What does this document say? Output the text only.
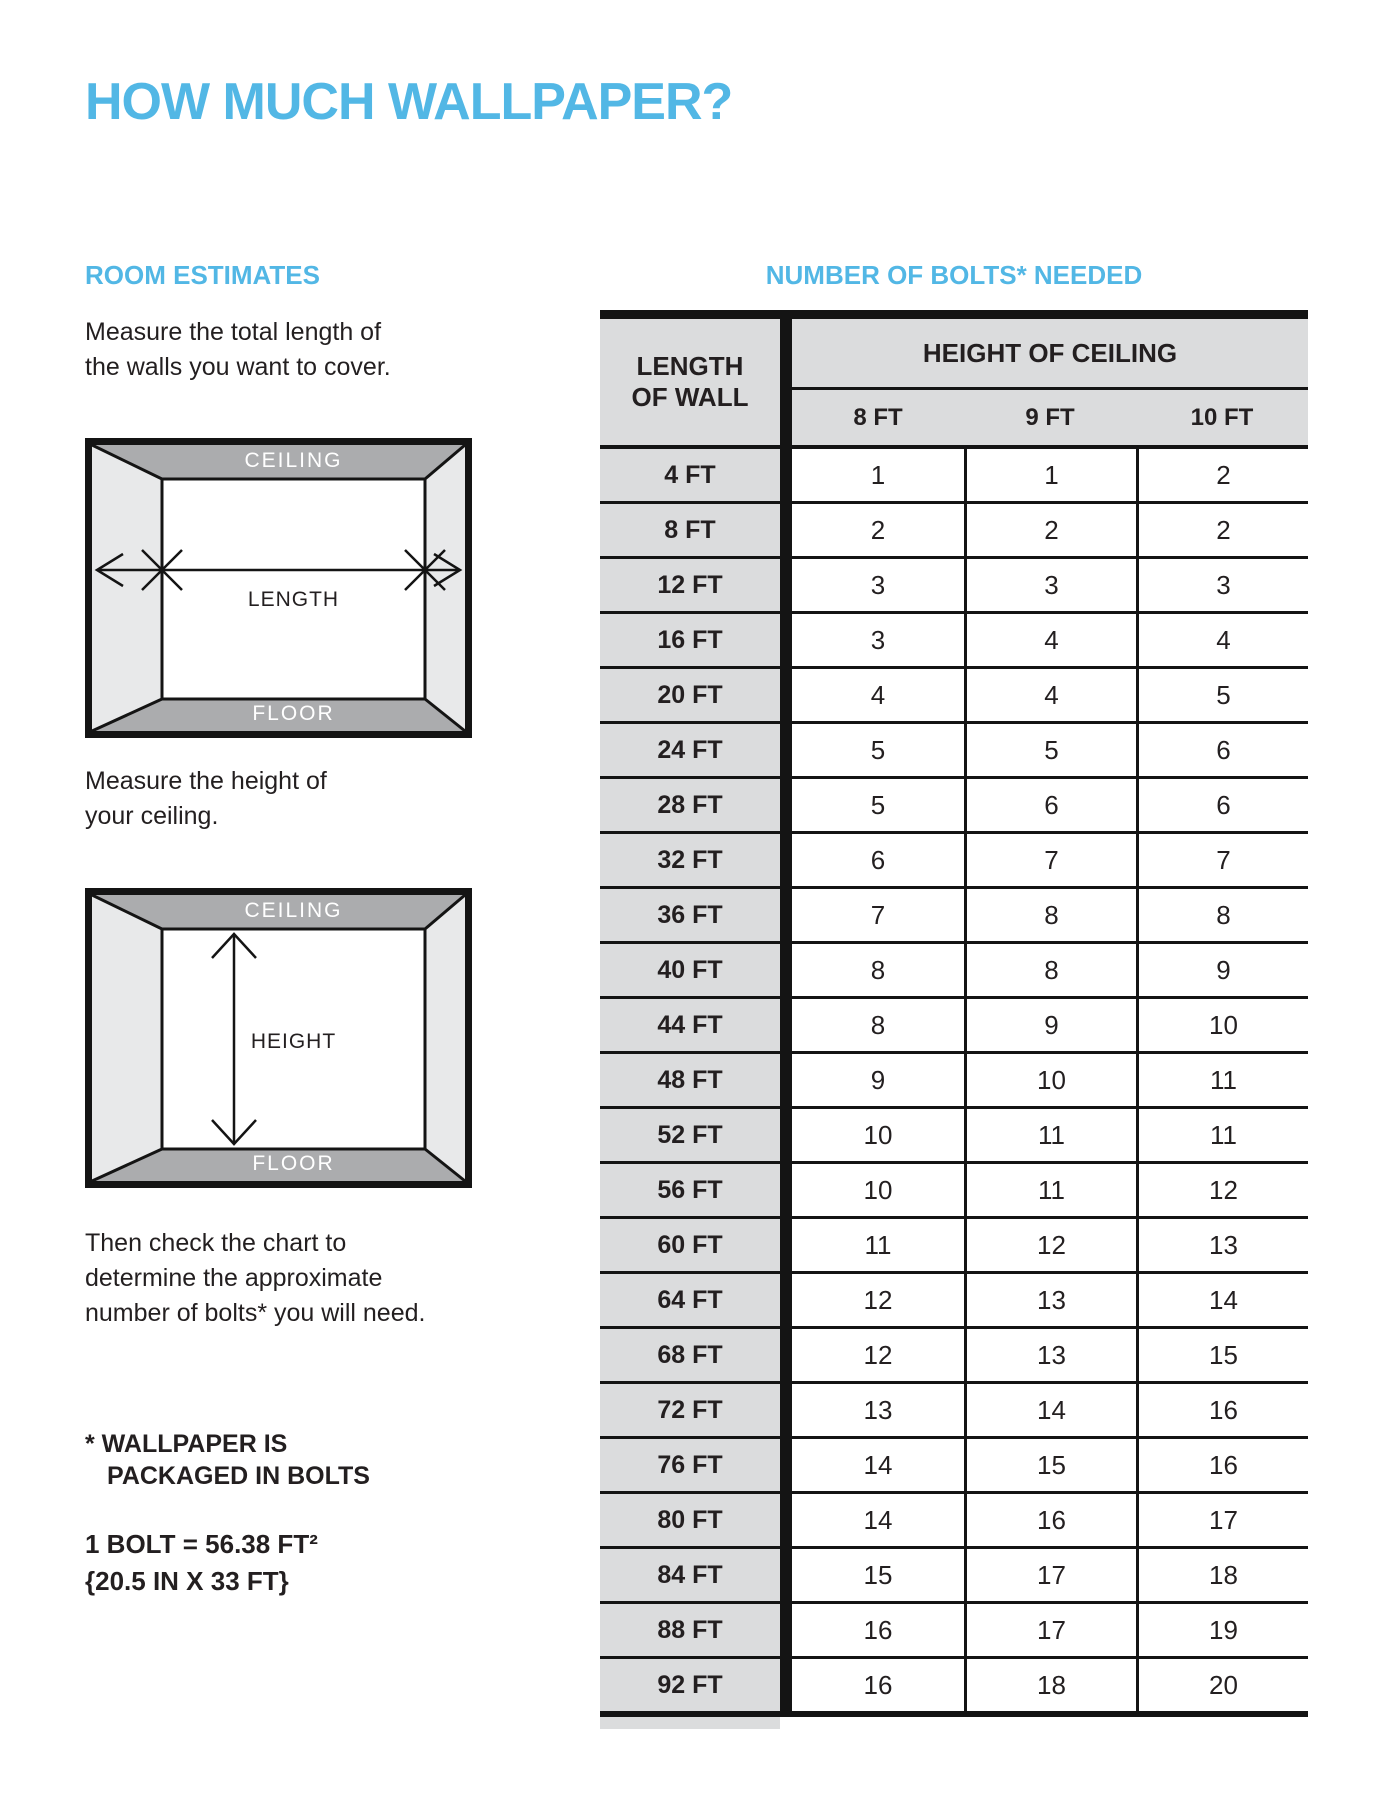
HOW MUCH WALLPAPER?
ROOM ESTIMATES
Measure the total length of
the walls you want to cover.
CEILING
LENGTH
FLOOR
Measure the height of
your ceiling.
CEILING
HEIGHT
FLOOR
Then check the chart to
determine the approximate
number of bolts* you will need.
* WALLPAPER IS
PACKAGED IN BOLTS
1 BOLT = 56.38 FT²
{20.5 IN X 33 FT}
NUMBER OF BOLTS* NEEDED
LENGTH
OF WALL
HEIGHT OF CEILING
8 FT	9 FT	10 FT
4 FT	1	1	2
8 FT	2	2	2
12 FT	3	3	3
16 FT	3	4	4
20 FT	4	4	5
24 FT	5	5	6
28 FT	5	6	6
32 FT	6	7	7
36 FT	7	8	8
40 FT	8	8	9
44 FT	8	9	10
48 FT	9	10	11
52 FT	10	11	11
56 FT	10	11	12
60 FT	11	12	13
64 FT	12	13	14
68 FT	12	13	15
72 FT	13	14	16
76 FT	14	15	16
80 FT	14	16	17
84 FT	15	17	18
88 FT	16	17	19
92 FT	16	18	20
